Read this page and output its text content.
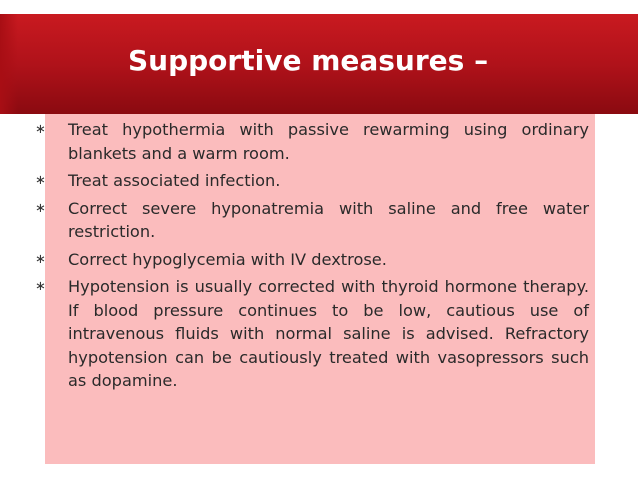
Supportive measures –
∗ Treat hypothermia with passive rewarming using ordinary blankets and a warm room.
∗ Treat associated infection.
∗ Correct severe hyponatremia with saline and free water restriction.
∗ Correct hypoglycemia with IV dextrose.
∗ Hypotension is usually corrected with thyroid hormone therapy. If blood pressure continues to be low, cautious use of intravenous fluids with normal saline is advised. Refractory hypotension can be cautiously treated with vasopressors such as dopamine.
